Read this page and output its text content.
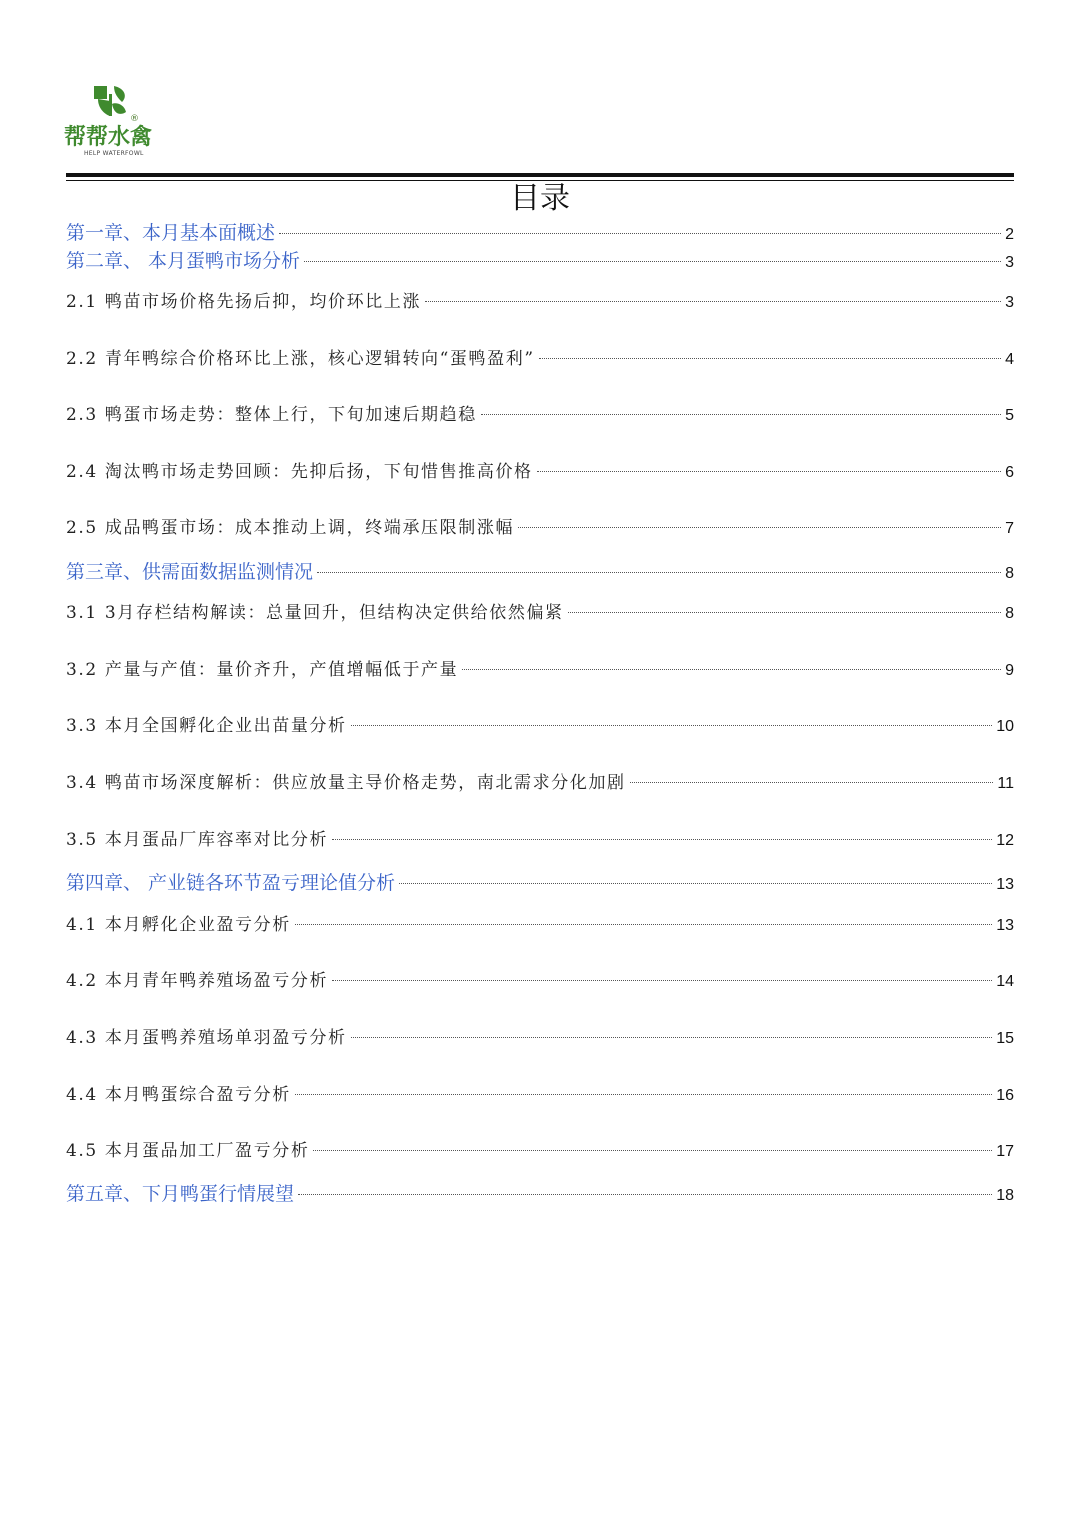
®
帮帮水禽
HELP WATERFOWL
目录
第一章、本月基本面概述	2
第二章、 本月蛋鸭市场分析	3
2.1 鸭苗市场价格先扬后抑，均价环比上涨	3
2.2 青年鸭综合价格环比上涨，核心逻辑转向“蛋鸭盈利”	4
2.3 鸭蛋市场走势：整体上行，下旬加速后期趋稳	5
2.4 淘汰鸭市场走势回顾：先抑后扬，下旬惜售推高价格	6
2.5 成品鸭蛋市场：成本推动上调，终端承压限制涨幅	7
第三章、供需面数据监测情况	8
3.1 3月存栏结构解读：总量回升，但结构决定供给依然偏紧	8
3.2 产量与产值：量价齐升，产值增幅低于产量	9
3.3 本月全国孵化企业出苗量分析	10
3.4 鸭苗市场深度解析：供应放量主导价格走势，南北需求分化加剧	11
3.5 本月蛋品厂库容率对比分析	12
第四章、 产业链各环节盈亏理论值分析	13
4.1 本月孵化企业盈亏分析	13
4.2 本月青年鸭养殖场盈亏分析	14
4.3 本月蛋鸭养殖场单羽盈亏分析	15
4.4 本月鸭蛋综合盈亏分析	16
4.5 本月蛋品加工厂盈亏分析	17
第五章、下月鸭蛋行情展望	18
